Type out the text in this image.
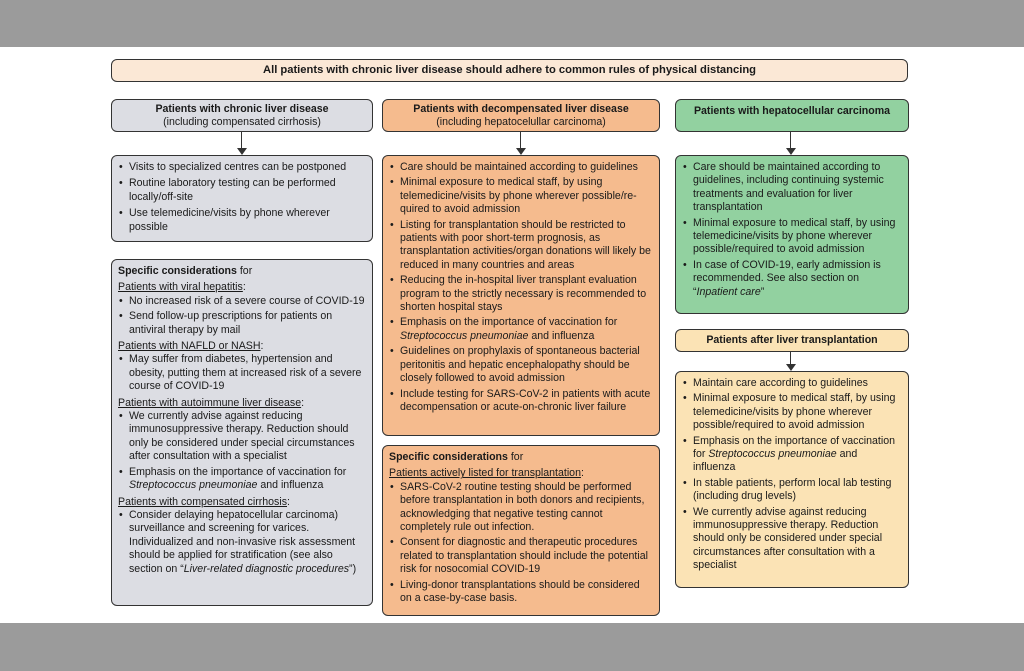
All patients with chronic liver disease should adhere to common rules of physical distancing
Patients with chronic liver disease
(including compensated cirrhosis)
• Visits to specialized centres can be postponed
• Routine laboratory testing can be performed locally/off-site
• Use telemedicine/visits by phone wherever possible
Specific considerations for
Patients with viral hepatitis:
• No increased risk of a severe course of COVID-19
• Send follow-up prescriptions for patients on antiviral therapy by mail
Patients with NAFLD or NASH:
• May suffer from diabetes, hypertension and obesity, putting them at increased risk of a severe course of COVID-19
Patients with autoimmune liver disease:
• We currently advise against reducing immunosuppressive therapy. Reduction should only be considered under special circumstances after consultation with a specialist
• Emphasis on the importance of vaccination for Streptococcus pneumoniae and influenza
Patients with compensated cirrhosis:
• Consider delaying hepatocellular carcinoma) surveillance and screening for varices. Individualized and non-invasive risk assessment should be applied for stratification (see also section on “Liver-related diagnostic procedures”)
Patients with decompensated liver disease
(including hepatocelullar carcinoma)
• Care should be maintained according to guidelines
• Minimal exposure to medical staff, by using telemedicine/visits by phone wherever possible/re-quired to avoid admission
• Listing for transplantation should be restricted to patients with poor short-term prognosis, as transplantation activities/organ donations will likely be reduced in many countries and areas
• Reducing the in-hospital liver transplant evaluation program to the strictly necessary is recommended to shorten hospital stays
• Emphasis on the importance of vaccination for Streptococcus pneumoniae and influenza
• Guidelines on prophylaxis of spontaneous bacterial peritonitis and hepatic encephalopathy should be closely followed to avoid admission
• Include testing for SARS-CoV-2 in patients with acute decompensation or acute-on-chronic liver failure
Specific considerations for
Patients actively listed for transplantation:
• SARS-CoV-2 routine testing should be performed before transplantation in both donors and recipients, acknowledging that negative testing cannot completely rule out infection.
• Consent for diagnostic and therapeutic procedures related to transplantation should include the potential risk for nosocomial COVID-19
• Living-donor transplantations should be considered on a case-by-case basis.
Patients with hepatocellular carcinoma
• Care should be maintained according to guidelines, including continuing systemic treatments and evaluation for liver transplantation
• Minimal exposure to medical staff, by using telemedicine/visits by phone wherever possible/required to avoid admission
• In case of COVID-19, early admission is recommended. See also section on “Inpatient care”
Patients after liver transplantation
• Maintain care according to guidelines
• Minimal exposure to medical staff, by using telemedicine/visits by phone wherever possible/required to avoid admission
• Emphasis on the importance of vaccination for Streptococcus pneumoniae and influenza
• In stable patients, perform local lab testing (including drug levels)
• We currently advise against reducing immunosuppressive therapy. Reduction should only be considered under special circumstances after consultation with a specialist
